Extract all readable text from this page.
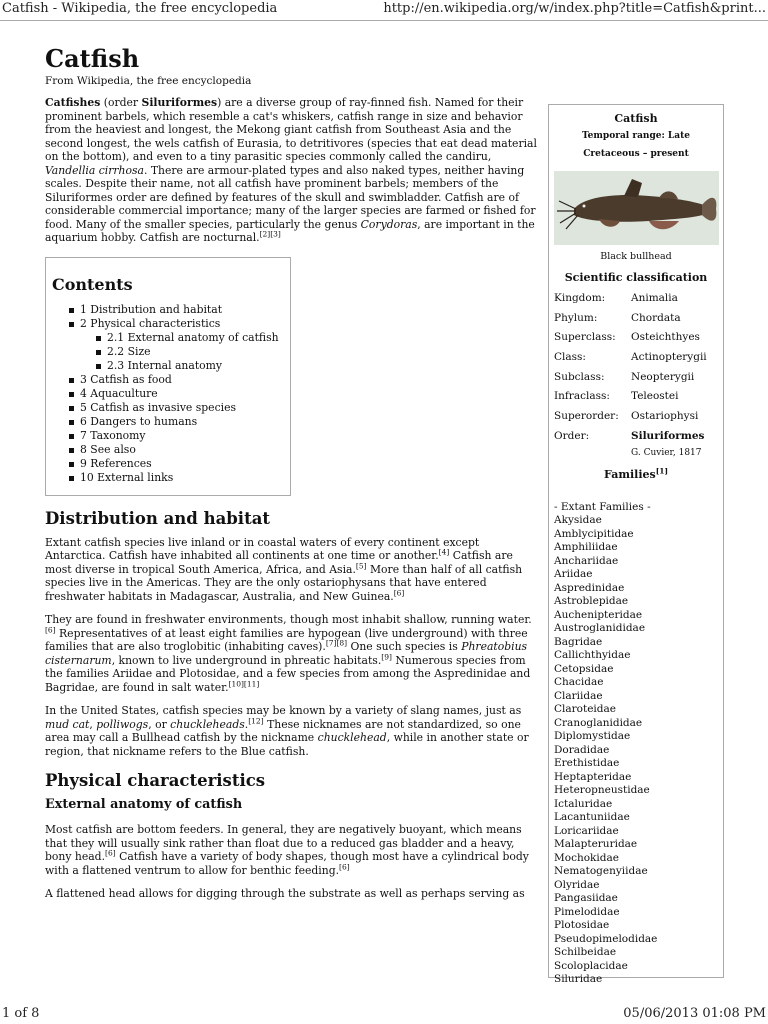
Catfish - Wikipedia, the free encyclopedia	http://en.wikipedia.org/w/index.php?title=Catfish&print...
Catfish
From Wikipedia, the free encyclopedia

Catfishes (order Siluriformes) are a diverse group of ray-finned fish. Named for their prominent barbels, which resemble a cat's whiskers, catfish range in size and behavior from the heaviest and longest, the Mekong giant catfish from Southeast Asia and the second longest, the wels catfish of Eurasia, to detritivores (species that eat dead material on the bottom), and even to a tiny parasitic species commonly called the candiru, Vandellia cirrhosa. There are armour-plated types and also naked types, neither having scales. Despite their name, not all catfish have prominent barbels; members of the Siluriformes order are defined by features of the skull and swimbladder. Catfish are of considerable commercial importance; many of the larger species are farmed or fished for food. Many of the smaller species, particularly the genus Corydoras, are important in the aquarium hobby. Catfish are nocturnal.[2][3]

Contents
1 Distribution and habitat
2 Physical characteristics
2.1 External anatomy of catfish
2.2 Size
2.3 Internal anatomy
3 Catfish as food
4 Aquaculture
5 Catfish as invasive species
6 Dangers to humans
7 Taxonomy
8 See also
9 References
10 External links
Distribution and habitat

Extant catfish species live inland or in coastal waters of every continent except Antarctica. Catfish have inhabited all continents at one time or another.[4] Catfish are most diverse in tropical South America, Africa, and Asia.[5] More than half of all catfish species live in the Americas. They are the only ostariophysans that have entered freshwater habitats in Madagascar, Australia, and New Guinea.[6]

They are found in freshwater environments, though most inhabit shallow, running water.[6] Representatives of at least eight families are hypogean (live underground) with three families that are also troglobitic (inhabiting caves).[7][8] One such species is Phreatobius cisternarum, known to live underground in phreatic habitats.[9] Numerous species from the families Ariidae and Plotosidae, and a few species from among the Aspredinidae and Bagridae, are found in salt water.[10][11]

In the United States, catfish species may be known by a variety of slang names, just as mud cat, polliwogs, or chuckleheads.[12] These nicknames are not standardized, so one area may call a Bullhead catfish by the nickname chucklehead, while in another state or region, that nickname refers to the Blue catfish.

Physical characteristics
External anatomy of catfish

Most catfish are bottom feeders. In general, they are negatively buoyant, which means that they will usually sink rather than float due to a reduced gas bladder and a heavy, bony head.[6] Catfish have a variety of body shapes, though most have a cylindrical body with a flattened ventrum to allow for benthic feeding.[6]

A flattened head allows for digging through the substrate as well as perhaps serving as

Catfish
Temporal range: Late
Cretaceous – present
Black bullhead
Scientific classification
Kingdom: Animalia
Phylum:	Chordata
Superclass: Osteichthyes
Class:	Actinopterygii
Subclass:	Neopterygii
Infraclass: Teleostei
Superorder: Ostariophysi
Order:	Siluriformes
G. Cuvier, 1817
Families[1]
- Extant Families -
Akysidae
Amblycipitidae
Amphiliidae
Anchariidae
Ariidae
Aspredinidae
Astroblepidae
Auchenipteridae
Austroglanididae
Bagridae
Callichthyidae
Cetopsidae
Chacidae
Clariidae
Claroteidae
Cranoglanididae
Diplomystidae
Doradidae
Erethistidae
Heptapteridae
Heteropneustidae
Ictaluridae
Lacantuniidae
Loricariidae
Malapteruridae
Mochokidae
Nematogenyiidae
Olyridae
Pangasiidae
Pimelodidae
Plotosidae
Pseudopimelodidae
Schilbeidae
Scoloplacidae
Siluridae
1 of 8	05/06/2013 01:08 PM
